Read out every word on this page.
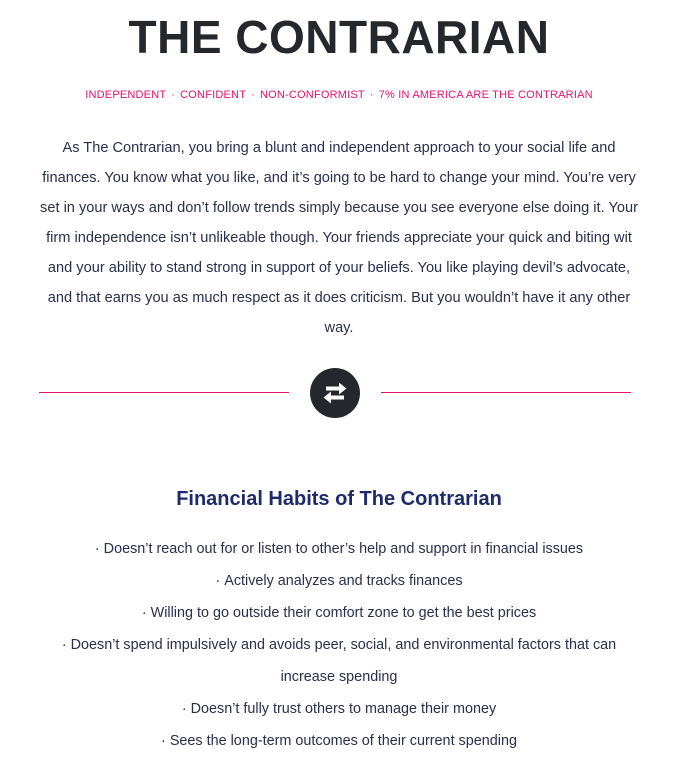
THE CONTRARIAN
INDEPENDENT · CONFIDENT · NON-CONFORMIST · 7% IN AMERICA ARE THE CONTRARIAN

As The Contrarian, you bring a blunt and independent approach to your social life and finances. You know what you like, and it’s going to be hard to change your mind. You’re very set in your ways and don’t follow trends simply because you see everyone else doing it. Your firm independence isn’t unlikeable though. Your friends appreciate your quick and biting wit and your ability to stand strong in support of your beliefs. You like playing devil’s advocate, and that earns you as much respect as it does criticism. But you wouldn’t have it any other way.

Financial Habits of The Contrarian
· Doesn’t reach out for or listen to other’s help and support in financial issues
· Actively analyzes and tracks finances
· Willing to go outside their comfort zone to get the best prices
· Doesn’t spend impulsively and avoids peer, social, and environmental factors that can increase spending
· Doesn’t fully trust others to manage their money
· Sees the long-term outcomes of their current spending
